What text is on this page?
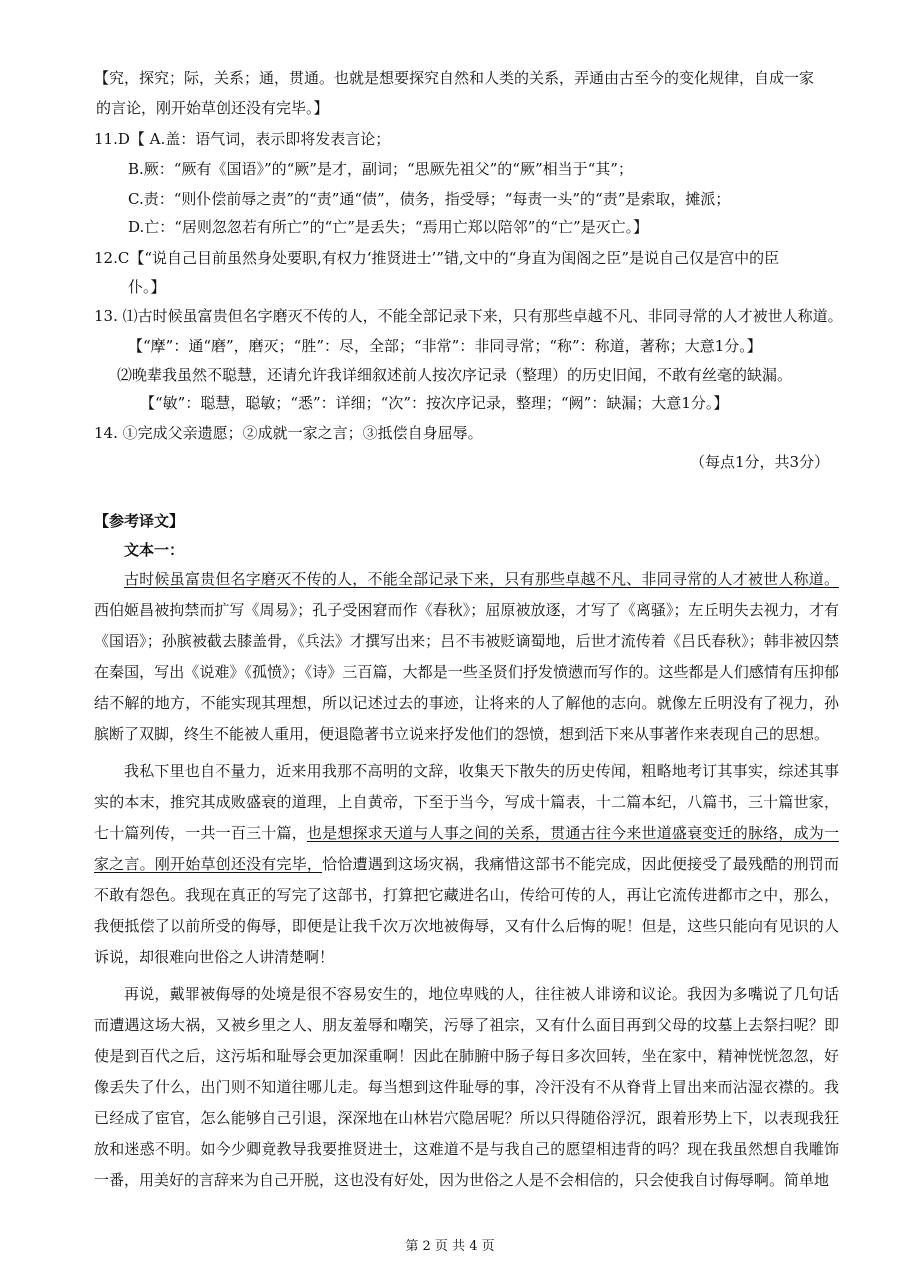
【究，探究；际，关系；通，贯通。也就是想要探究自然和人类的关系，弄通由古至今的变化规律，自成一家
的言论，刚开始草创还没有完毕。】
11.D【 A.盖：语气词，表示即将发表言论；
B.厥：“厥有《国语》”的“厥”是才，副词；“思厥先祖父”的“厥”相当于“其”；
C.责：“则仆偿前辱之责”的“责”通“债”，债务，指受辱；“每责一头”的“责”是索取，摊派；
D.亡：“居则忽忽若有所亡”的“亡”是丢失；“焉用亡郑以陪邻”的“亡”是灭亡。】
12.C【“说自己目前虽然身处要职,有权力‘推贤进士’”错,文中的“身直为闺阁之臣”是说自己仅是宫中的臣
仆。】
13. ⑴古时候虽富贵但名字磨灭不传的人，不能全部记录下来，只有那些卓越不凡、非同寻常的人才被世人称道。
【“摩”：通“磨”，磨灭；“胜”：尽，全部；“非常”：非同寻常；“称”：称道，著称；大意1分。】
⑵晚辈我虽然不聪慧，还请允许我详细叙述前人按次序记录（整理）的历史旧闻，不敢有丝毫的缺漏。
【“敏”：聪慧，聪敏；“悉”：详细；“次”：按次序记录，整理；“阙”：缺漏；大意1分。】
14. ①完成父亲遗愿；②成就一家之言；③抵偿自身屈辱。
（每点1分，共3分）
【参考译文】
文本一：

古时候虽富贵但名字磨灭不传的人，不能全部记录下来，只有那些卓越不凡、非同寻常的人才被世人称道。西伯姬昌被拘禁而扩写《周易》；孔子受困窘而作《春秋》；屈原被放逐，才写了《离骚》；左丘明失去视力，才有《国语》；孙膑被截去膝盖骨，《兵法》才撰写出来；吕不韦被贬谪蜀地，后世才流传着《吕氏春秋》；韩非被囚禁在秦国，写出《说难》《孤愤》；《诗》三百篇，大都是一些圣贤们抒发愤懑而写作的。这些都是人们感情有压抑郁结不解的地方，不能实现其理想，所以记述过去的事迹，让将来的人了解他的志向。就像左丘明没有了视力，孙膑断了双脚，终生不能被人重用，便退隐著书立说来抒发他们的怨愤，想到活下来从事著作来表现自己的思想。

我私下里也自不量力，近来用我那不高明的文辞，收集天下散失的历史传闻，粗略地考订其事实，综述其事实的本末，推究其成败盛衰的道理，上自黄帝，下至于当今，写成十篇表，十二篇本纪，八篇书，三十篇世家，七十篇列传，一共一百三十篇，也是想探求天道与人事之间的关系，贯通古往今来世道盛衰变迁的脉络，成为一家之言。刚开始草创还没有完毕，恰恰遭遇到这场灾祸，我痛惜这部书不能完成，因此便接受了最残酷的刑罚而不敢有怨色。我现在真正的写完了这部书，打算把它藏进名山，传给可传的人，再让它流传进都市之中，那么，我便抵偿了以前所受的侮辱，即便是让我千次万次地被侮辱，又有什么后悔的呢！但是，这些只能向有见识的人诉说，却很难向世俗之人讲清楚啊！

再说，戴罪被侮辱的处境是很不容易安生的，地位卑贱的人，往往被人诽谤和议论。我因为多嘴说了几句话而遭遇这场大祸，又被乡里之人、朋友羞辱和嘲笑，污辱了祖宗，又有什么面目再到父母的坟墓上去祭扫呢？即使是到百代之后，这污垢和耻辱会更加深重啊！因此在肺腑中肠子每日多次回转，坐在家中，精神恍恍忽忽，好像丢失了什么，出门则不知道往哪儿走。每当想到这件耻辱的事，冷汗没有不从脊背上冒出来而沾湿衣襟的。我已经成了宦官，怎么能够自己引退，深深地在山林岩穴隐居呢？所以只得随俗浮沉，跟着形势上下，以表现我狂放和迷惑不明。如今少卿竟教导我要推贤进士，这难道不是与我自己的愿望相违背的吗？现在我虽然想自我雕饰一番，用美好的言辞来为自己开脱，这也没有好处，因为世俗之人是不会相信的，只会使我自讨侮辱啊。简单地

第 2 页 共 4 页
